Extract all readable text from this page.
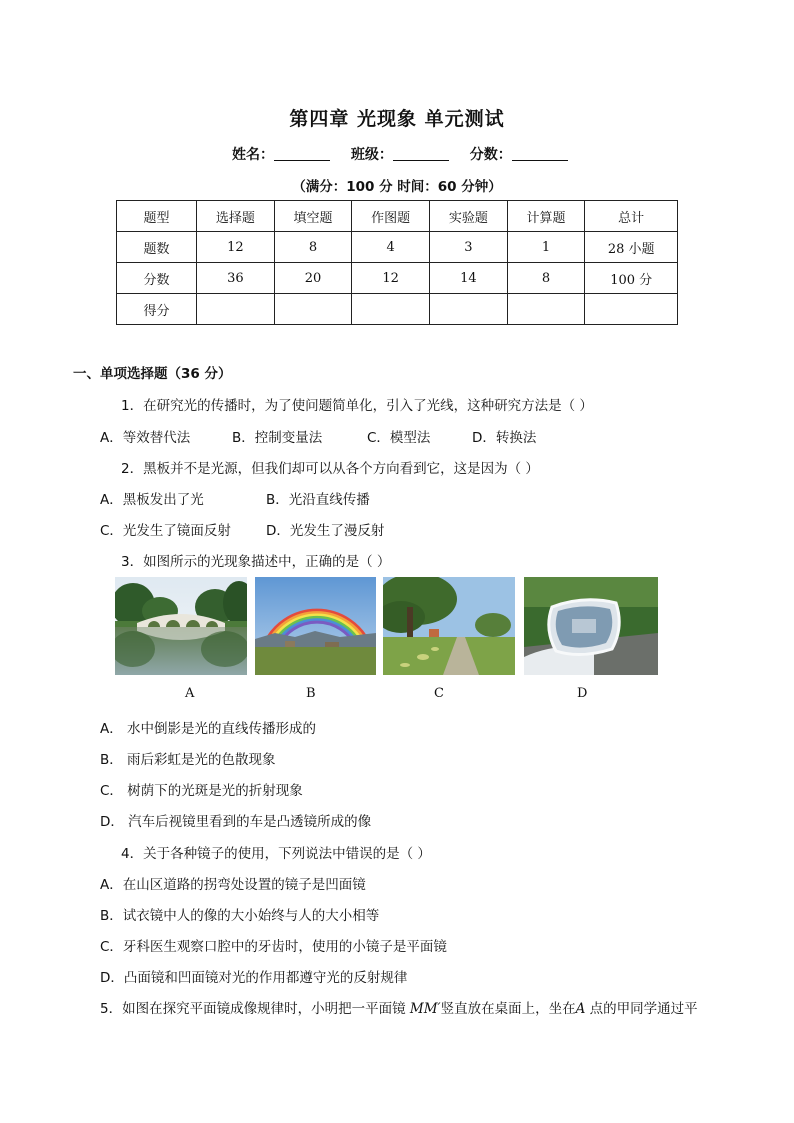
第四章 光现象 单元测试
姓名：	班级：	分数：
（满分：100 分 时间：60 分钟）
题型	选择题	填空题	作图题	实验题	计算题	总计
题数	12	8	4	3	1	28 小题
分数	36	20	12	14	8	100 分
得分						
一、单项选择题（36 分）
1．在研究光的传播时，为了使问题简单化，引入了光线，这种研究方法是（ ）
A．等效替代法	B．控制变量法	C．模型法	D．转换法
2．黑板并不是光源，但我们却可以从各个方向看到它，这是因为（ ）
A．黑板发出了光	B．光沿直线传播
C．光发生了镜面反射	D．光发生了漫反射
3．如图所示的光现象描述中，正确的是（ ）
A	B	C	D
A． 水中倒影是光的直线传播形成的
B． 雨后彩虹是光的色散现象
C． 树荫下的光斑是光的折射现象
D． 汽车后视镜里看到的车是凸透镜所成的像
4．关于各种镜子的使用，下列说法中错误的是（ ）
A．在山区道路的拐弯处设置的镜子是凹面镜
B．试衣镜中人的像的大小始终与人的大小相等
C．牙科医生观察口腔中的牙齿时，使用的小镜子是平面镜
D．凸面镜和凹面镜对光的作用都遵守光的反射规律
5．如图在探究平面镜成像规律时，小明把一平面镜 MM′竖直放在桌面上，坐在A 点的甲同学通过平
